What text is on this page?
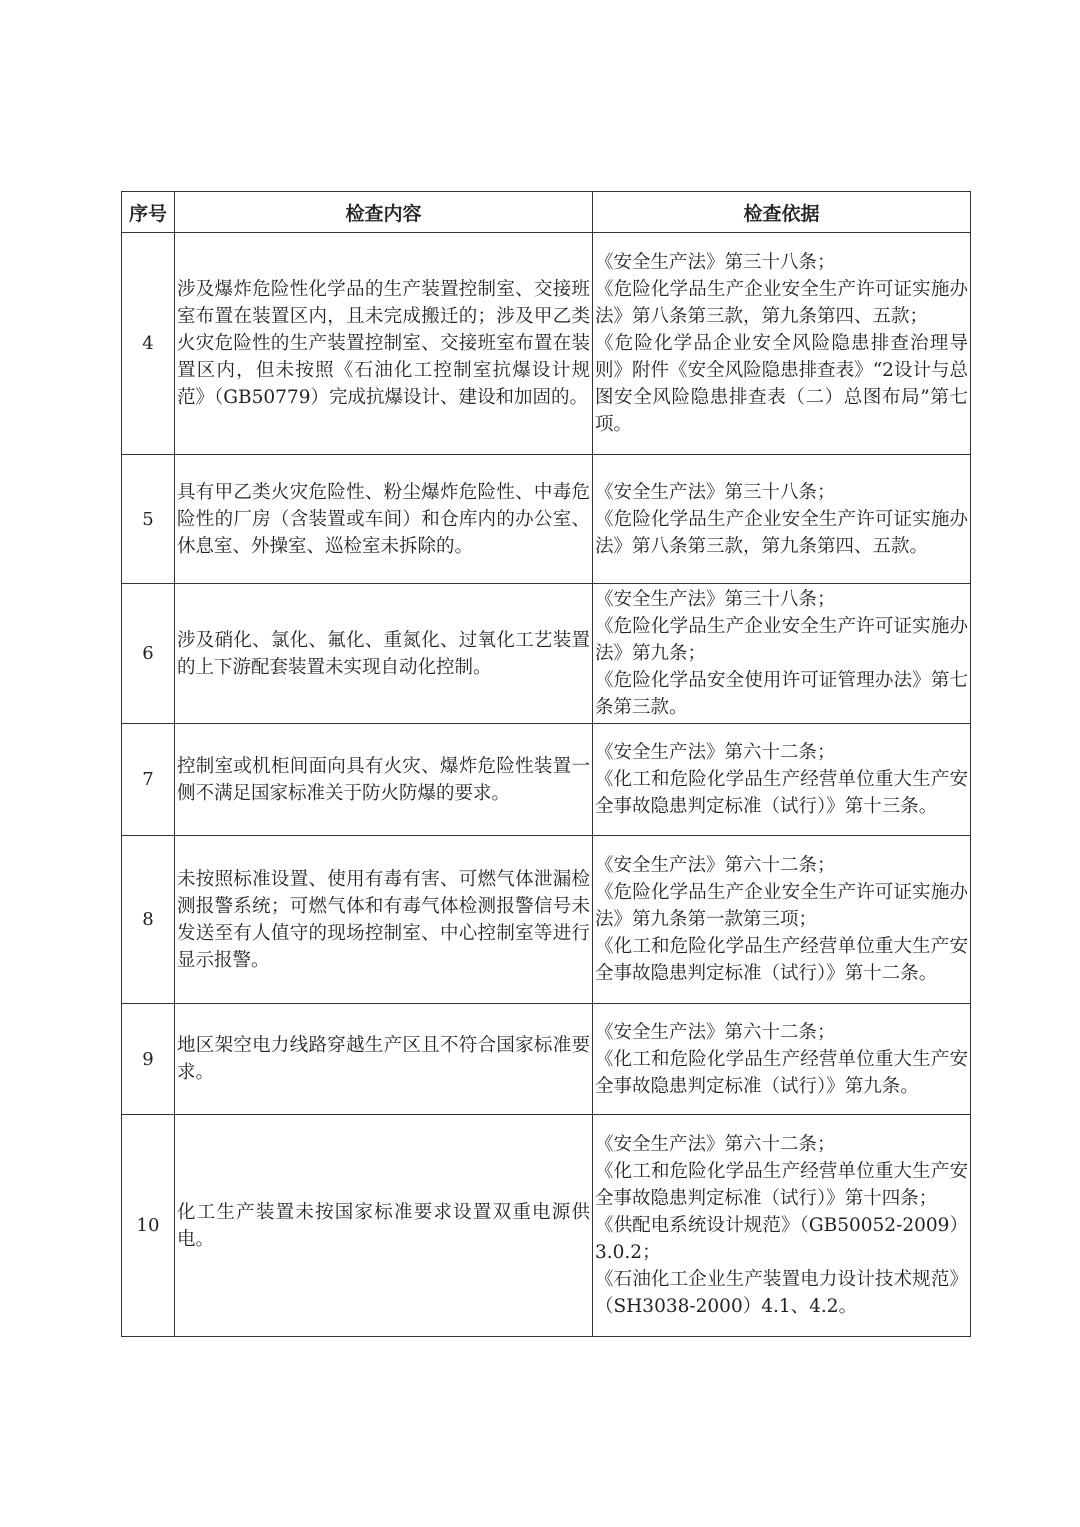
序号	检查内容	检查依据
4	涉及爆炸危险性化学品的生产装置控制室、交接班室布置在装置区内，且未完成搬迁的；涉及甲乙类火灾危险性的生产装置控制室、交接班室布置在装置区内，但未按照《石油化工控制室抗爆设计规范》（GB50779）完成抗爆设计、建设和加固的。	《安全生产法》第三十八条；
《危险化学品生产企业安全生产许可证实施办法》第八条第三款，第九条第四、五款；
《危险化学品企业安全风险隐患排查治理导则》附件《安全风险隐患排查表》“2设计与总图安全风险隐患排查表（二）总图布局”第七项。

5	具有甲乙类火灾危险性、粉尘爆炸危险性、中毒危险性的厂房（含装置或车间）和仓库内的办公室、休息室、外操室、巡检室未拆除的。	《安全生产法》第三十八条；
《危险化学品生产企业安全生产许可证实施办法》第八条第三款，第九条第四、五款。

6	涉及硝化、氯化、氟化、重氮化、过氧化工艺装置的上下游配套装置未实现自动化控制。	《安全生产法》第三十八条；
《危险化学品生产企业安全生产许可证实施办法》第九条；
《危险化学品安全使用许可证管理办法》第七条第三款。

7	控制室或机柜间面向具有火灾、爆炸危险性装置一侧不满足国家标准关于防火防爆的要求。	《安全生产法》第六十二条；
《化工和危险化学品生产经营单位重大生产安全事故隐患判定标准（试行）》第十三条。

8	未按照标准设置、使用有毒有害、可燃气体泄漏检测报警系统；可燃气体和有毒气体检测报警信号未发送至有人值守的现场控制室、中心控制室等进行显示报警。	《安全生产法》第六十二条；
《危险化学品生产企业安全生产许可证实施办法》第九条第一款第三项；
《化工和危险化学品生产经营单位重大生产安全事故隐患判定标准（试行）》第十二条。

9	地区架空电力线路穿越生产区且不符合国家标准要求。	《安全生产法》第六十二条；
《化工和危险化学品生产经营单位重大生产安全事故隐患判定标准（试行）》第九条。

10	化工生产装置未按国家标准要求设置双重电源供电。	《安全生产法》第六十二条；
《化工和危险化学品生产经营单位重大生产安全事故隐患判定标准（试行）》第十四条；
《供配电系统设计规范》（GB50052-2009）3.0.2；
《石油化工企业生产装置电力设计技术规范》（SH3038-2000）4.1、4.2。
